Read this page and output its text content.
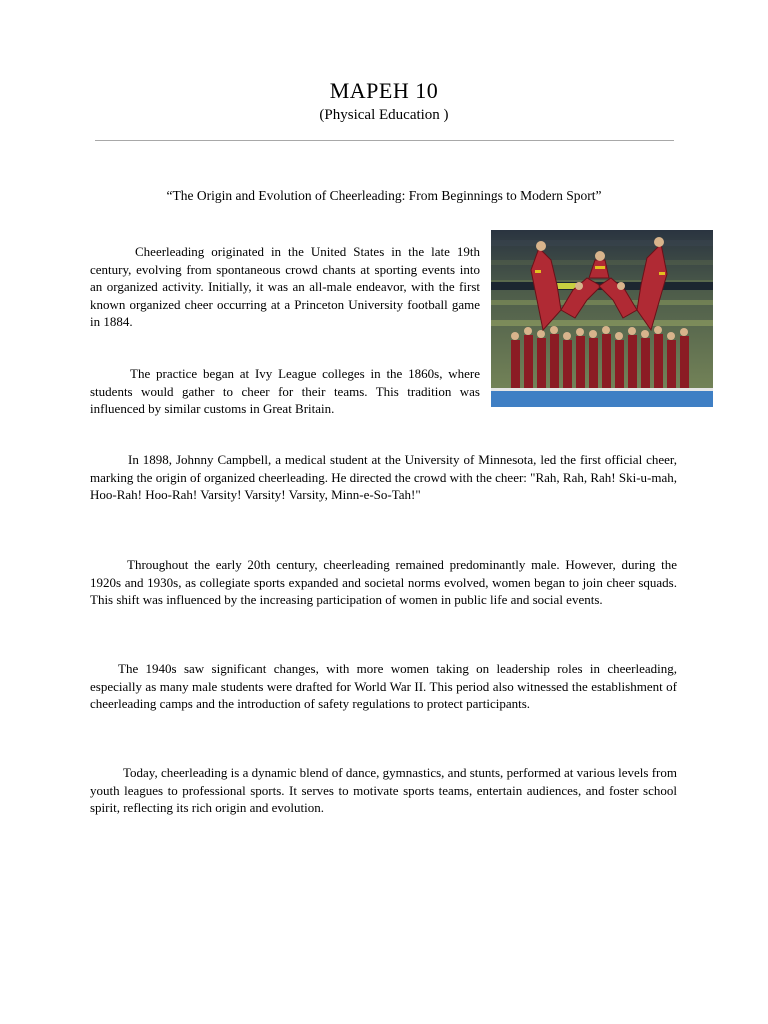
MAPEH 10
(Physical Education )
“The Origin and Evolution of Cheerleading: From Beginnings to Modern Sport”

Cheerleading originated in the United States in the late 19th century, evolving from spontaneous crowd chants at sporting events into an organized activity. Initially, it was an all-male endeavor, with the first known organized cheer occurring at a Princeton University football game in 1884.

The practice began at Ivy League colleges in the 1860s, where students would gather to cheer for their teams. This tradition was influenced by similar customs in Great Britain.

In 1898, Johnny Campbell, a medical student at the University of Minnesota, led the first official cheer, marking the origin of organized cheerleading. He directed the crowd with the cheer: "Rah, Rah, Rah! Ski-u-mah, Hoo-Rah! Hoo-Rah! Varsity! Varsity! Varsity, Minn-e-So-Tah!"

Throughout the early 20th century, cheerleading remained predominantly male. However, during the 1920s and 1930s, as collegiate sports expanded and societal norms evolved, women began to join cheer squads. This shift was influenced by the increasing participation of women in public life and social events.

The 1940s saw significant changes, with more women taking on leadership roles in cheerleading, especially as many male students were drafted for World War II. This period also witnessed the establishment of cheerleading camps and the introduction of safety regulations to protect participants.

Today, cheerleading is a dynamic blend of dance, gymnastics, and stunts, performed at various levels from youth leagues to professional sports. It serves to motivate sports teams, entertain audiences, and foster school spirit, reflecting its rich origin and evolution.
